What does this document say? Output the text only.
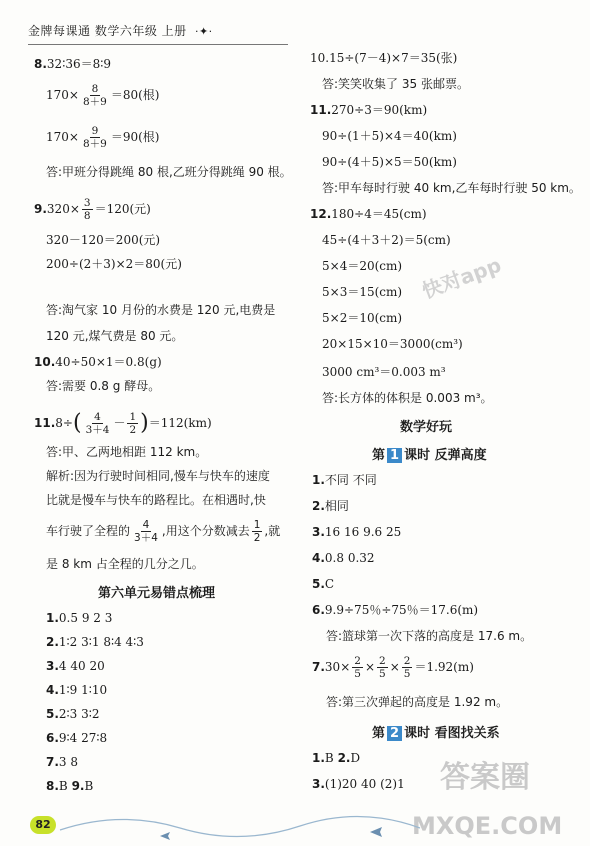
金牌每课通 数学六年级 上册 ·✦·
8.32∶36＝8∶9
$170\times \frac{8}{8+9} =80$(根)
$170\times \frac{9}{8+9} =90$(根)
答:甲班分得跳绳 80 根,乙班分得跳绳 90 根。
$9.320\times \frac{3}{8} =120$(元)
320－120＝200(元)
200÷(2＋3)×2＝80(元)
答:淘气家 10 月份的水费是 120 元,电费是
120 元,煤气费是 80 元。
10.40÷50×1＝0.8(g)
答:需要 0.8 g 酵母。
$11.8\div( \frac{4}{3+4} - \frac{1}{2} )=112(km)$
答:甲、乙两地相距 112 km。
解析:因为行驶时间相同,慢车与快车的速度
比就是慢车与快车的路程比。在相遇时,快
车行驶了全程的 $\frac{4}{3+4}$ ,用这个分数减去 $\frac{1}{2}$ ,就
是 8 km 占全程的几分之几。
第六单元易错点梳理
1.0.5 9 2 3
2.1∶2 3∶1 8∶4 4∶3
3.4 40 20
4.1∶9 1∶10
5.2∶3 3∶2
6.9∶4 27∶8
7.3 8
8.B 9.B
10.15÷(7－4)×7＝35(张)
答:笑笑收集了 35 张邮票。
11.270÷3＝90(km)
90÷(1＋5)×4＝40(km)
90÷(4＋5)×5＝50(km)
答:甲车每时行驶 40 km,乙车每时行驶 50 km。
12.180÷4＝45(cm)
45÷(4＋3＋2)＝5(cm)
5×4＝20(cm)
5×3＝15(cm)
5×2＝10(cm)
20×15×10＝3000(cm³)
3000 cm³＝0.003 m³
答:长方体的体积是 0.003 m³。
数学好玩
第 1 课时 反弹高度
1.不同 不同
2.相同
3.16 16 9.6 25
4.0.8 0.32
5.C
6.9.9÷75％÷75％＝17.6(m)
答:篮球第一次下落的高度是 17.6 m。
$7.30\times \frac{2}{5} \times \frac{2}{5} \times \frac{2}{5} =1.92(m)$
答:第三次弹起的高度是 1.92 m。
第 2 课时 看图找关系
1.B 2.D
3.(1)20 40 (2)1
快对app
答案圈
MXQE.COM
82
